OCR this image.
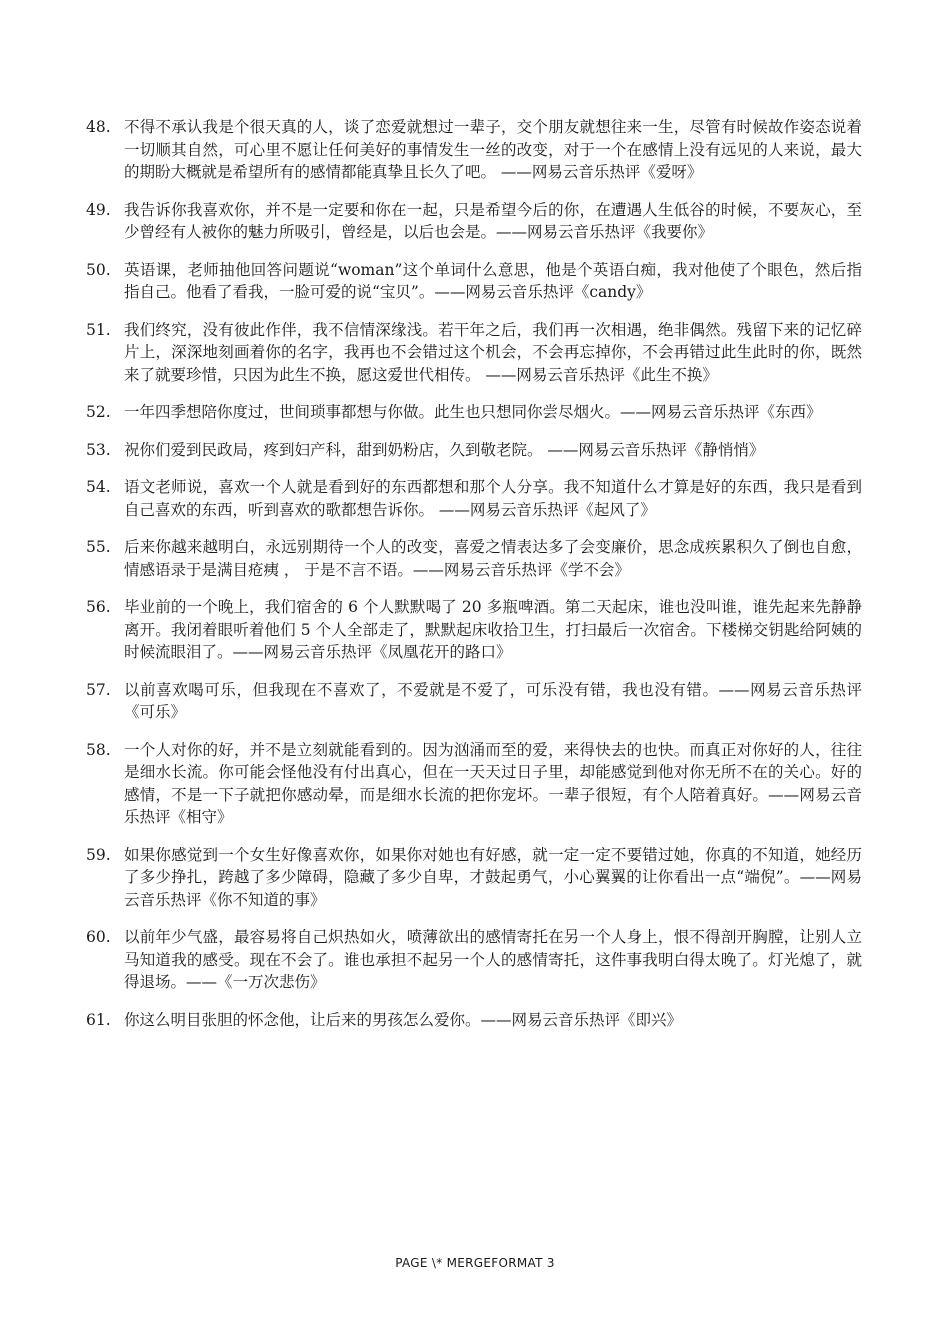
48. 不得不承认我是个很天真的人，谈了恋爱就想过一辈子，交个朋友就想往来一生，尽管有时候故作姿态说着一切顺其自然，可心里不愿让任何美好的事情发生一丝的改变，对于一个在感情上没有远见的人来说，最大的期盼大概就是希望所有的感情都能真挚且长久了吧。 ——网易云音乐热评《爱呀》
49. 我告诉你我喜欢你，并不是一定要和你在一起，只是希望今后的你，在遭遇人生低谷的时候，不要灰心，至少曾经有人被你的魅力所吸引，曾经是，以后也会是。——网易云音乐热评《我要你》
50. 英语课，老师抽他回答问题说“woman”这个单词什么意思，他是个英语白痴，我对他使了个眼色，然后指指自己。他看了看我，一脸可爱的说“宝贝”。——网易云音乐热评《candy》
51. 我们终究，没有彼此作伴，我不信情深缘浅。若干年之后，我们再一次相遇，绝非偶然。残留下来的记忆碎片上，深深地刻画着你的名字，我再也不会错过这个机会，不会再忘掉你，不会再错过此生此时的你，既然来了就要珍惜，只因为此生不换，愿这爱世代相传。 ——网易云音乐热评《此生不换》
52. 一年四季想陪你度过，世间琐事都想与你做。此生也只想同你尝尽烟火。——网易云音乐热评《东西》
53. 祝你们爱到民政局，疼到妇产科，甜到奶粉店，久到敬老院。 ——网易云音乐热评《静悄悄》
54. 语文老师说，喜欢一个人就是看到好的东西都想和那个人分享。我不知道什么才算是好的东西，我只是看到自己喜欢的东西，听到喜欢的歌都想告诉你。 ——网易云音乐热评《起风了》
55. 后来你越来越明白，永远别期待一个人的改变，喜爱之情表达多了会变廉价，思念成疾累积久了倒也自愈，情感语录于是满目疮痍 ， 于是不言不语。——网易云音乐热评《学不会》
56. 毕业前的一个晚上，我们宿舍的 6 个人默默喝了 20 多瓶啤酒。第二天起床，谁也没叫谁，谁先起来先静静离开。我闭着眼听着他们 5 个人全部走了，默默起床收拾卫生，打扫最后一次宿舍。下楼梯交钥匙给阿姨的时候流眼泪了。——网易云音乐热评《凤凰花开的路口》
57. 以前喜欢喝可乐，但我现在不喜欢了，不爱就是不爱了，可乐没有错，我也没有错。——网易云音乐热评《可乐》
58. 一个人对你的好，并不是立刻就能看到的。因为汹涌而至的爱，来得快去的也快。而真正对你好的人，往往是细水长流。你可能会怪他没有付出真心，但在一天天过日子里，却能感觉到他对你无所不在的关心。好的感情，不是一下子就把你感动晕，而是细水长流的把你宠坏。一辈子很短，有个人陪着真好。——网易云音乐热评《相守》
59. 如果你感觉到一个女生好像喜欢你，如果你对她也有好感，就一定一定不要错过她，你真的不知道，她经历了多少挣扎，跨越了多少障碍，隐藏了多少自卑，才鼓起勇气，小心翼翼的让你看出一点“端倪”。——网易云音乐热评《你不知道的事》
60. 以前年少气盛，最容易将自己炽热如火，喷薄欲出的感情寄托在另一个人身上，恨不得剖开胸膛，让别人立马知道我的感受。现在不会了。谁也承担不起另一个人的感情寄托，这件事我明白得太晚了。灯光熄了，就得退场。——《一万次悲伤》
61. 你这么明目张胆的怀念他，让后来的男孩怎么爱你。——网易云音乐热评《即兴》
PAGE \* MERGEFORMAT 3
